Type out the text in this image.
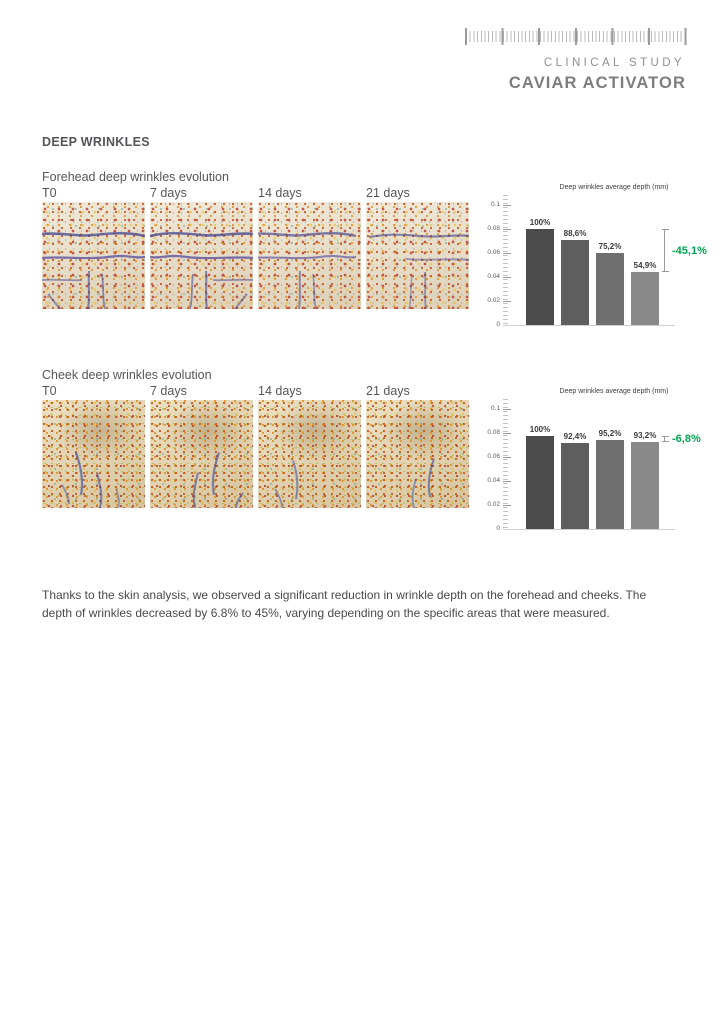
CLINICAL STUDY
CAVIAR ACTIVATOR
DEEP WRINKLES
Forehead deep wrinkles evolution
T0	7 days	14 days	21 days
Cheek deep wrinkles evolution
T0	7 days	14 days	21 days
Deep wrinkles average depth (mm)
0
0.02
0.04
0.06
0.08
0.1
-45,1%
100%
88,6%
75,2%
54,9%
Deep wrinkles average depth (mm)
0
0.02
0.04
0.06
0.08
0.1
-6,8%
100%
92,4%	95,2%	93,2%
Thanks to the skin analysis, we observed a significant reduction in wrinkle depth on the forehead and cheeks. The depth of wrinkles decreased by 6.8% to 45%, varying depending on the specific areas that were measured.
